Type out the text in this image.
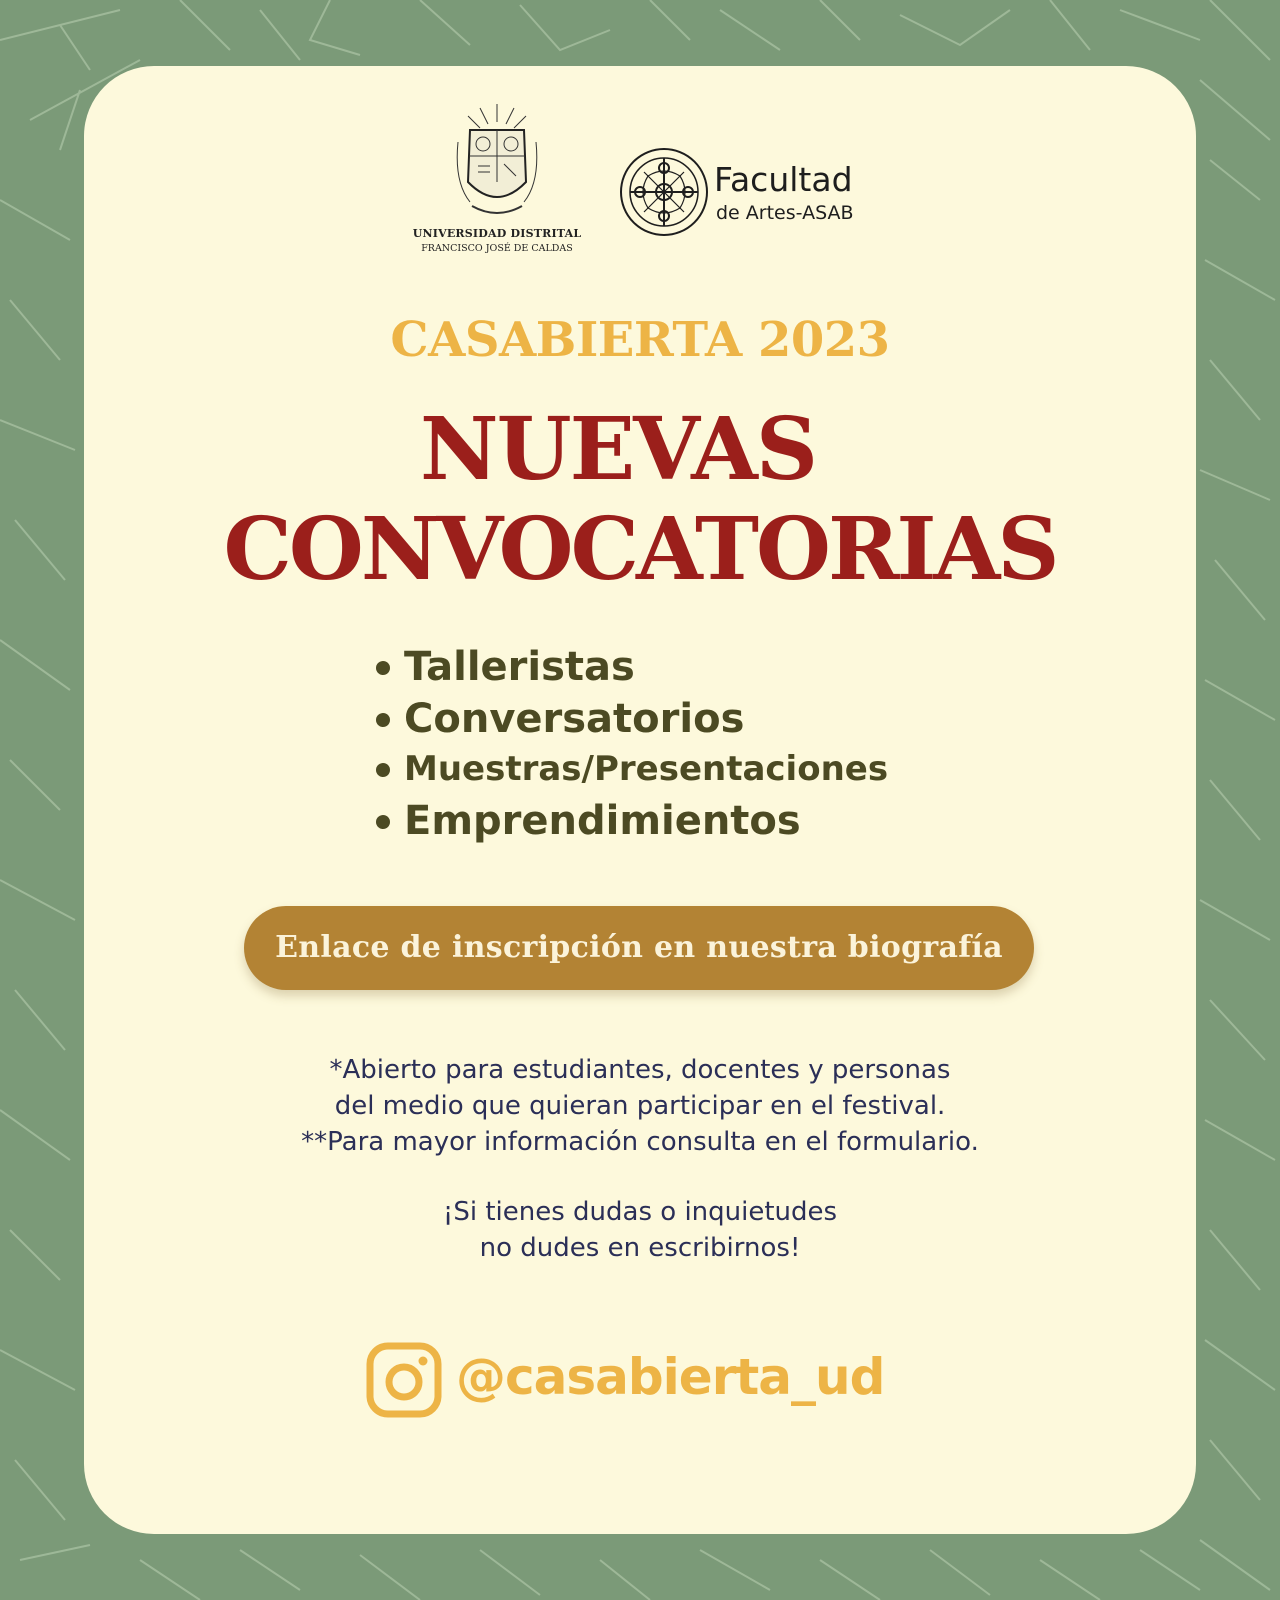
UNIVERSIDAD DISTRITAL
FRANCISCO JOSÉ DE CALDAS
Facultad
de Artes-ASAB
CASABIERTA 2023
NUEVAS
CONVOCATORIAS
Talleristas
Conversatorios
Muestras/Presentaciones
Emprendimientos
Enlace de inscripción en nuestra biografía
*Abierto para estudiantes, docentes y personas
del medio que quieran participar en el festival.
**Para mayor información consulta en el formulario.
¡Si tienes dudas o inquietudes
no dudes en escribirnos!
@casabierta_ud
